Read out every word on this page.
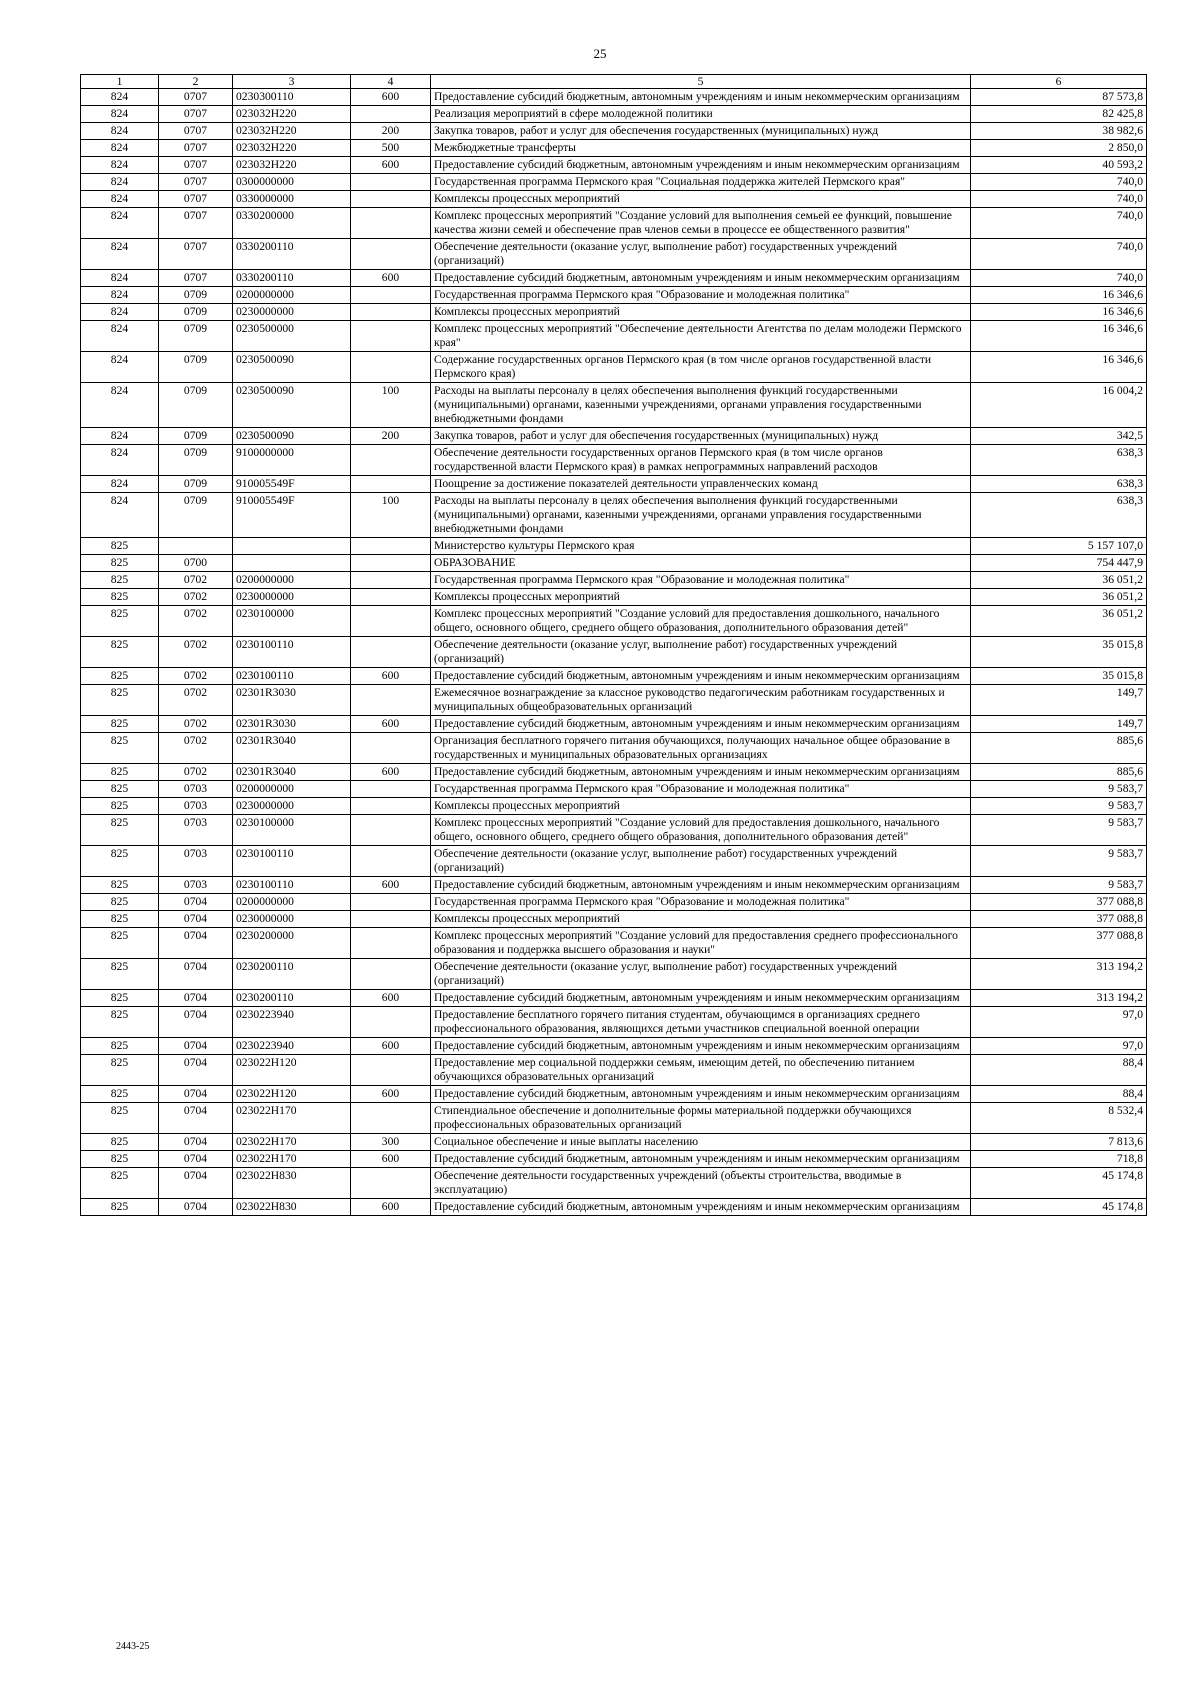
25
1	2	3	4	5	6
824	0707	0230300110	600	Предоставление субсидий бюджетным, автономным учреждениям и иным некоммерческим организациям	87 573,8
824	0707	023032Н220		Реализация мероприятий в сфере молодежной политики	82 425,8
824	0707	023032Н220	200	Закупка товаров, работ и услуг для обеспечения государственных (муниципальных) нужд	38 982,6
824	0707	023032Н220	500	Межбюджетные трансферты	2 850,0
824	0707	023032Н220	600	Предоставление субсидий бюджетным, автономным учреждениям и иным некоммерческим организациям	40 593,2
824	0707	0300000000		Государственная программа Пермского края "Социальная поддержка жителей Пермского края"	740,0
824	0707	0330000000		Комплексы процессных мероприятий	740,0
824	0707	0330200000		Комплекс процессных мероприятий "Создание условий для выполнения семьей ее функций, повышение качества жизни семей и обеспечение прав членов семьи в процессе ее общественного развития"	740,0
824	0707	0330200110		Обеспечение деятельности (оказание услуг, выполнение работ) государственных учреждений (организаций)	740,0
824	0707	0330200110	600	Предоставление субсидий бюджетным, автономным учреждениям и иным некоммерческим организациям	740,0
824	0709	0200000000		Государственная программа Пермского края "Образование и молодежная политика"	16 346,6
824	0709	0230000000		Комплексы процессных мероприятий	16 346,6
824	0709	0230500000		Комплекс процессных мероприятий "Обеспечение деятельности Агентства по делам молодежи Пермского края"	16 346,6
824	0709	0230500090		Содержание государственных органов Пермского края (в том числе органов государственной власти Пермского края)	16 346,6
824	0709	0230500090	100	Расходы на выплаты персоналу в целях обеспечения выполнения функций государственными (муниципальными) органами, казенными учреждениями, органами управления государственными внебюджетными фондами	16 004,2
824	0709	0230500090	200	Закупка товаров, работ и услуг для обеспечения государственных (муниципальных) нужд	342,5
824	0709	9100000000		Обеспечение деятельности государственных органов Пермского края (в том числе органов государственной власти Пермского края) в рамках непрограммных направлений расходов	638,3
824	0709	910005549F		Поощрение за достижение показателей деятельности управленческих команд	638,3
824	0709	910005549F	100	Расходы на выплаты персоналу в целях обеспечения выполнения функций государственными (муниципальными) органами, казенными учреждениями, органами управления государственными внебюджетными фондами	638,3
825				Министерство культуры Пермского края	5 157 107,0
825	0700			ОБРАЗОВАНИЕ	754 447,9
825	0702	0200000000		Государственная программа Пермского края "Образование и молодежная политика"	36 051,2
825	0702	0230000000		Комплексы процессных мероприятий	36 051,2
825	0702	0230100000		Комплекс процессных мероприятий "Создание условий для предоставления дошкольного, начального общего, основного общего, среднего общего образования, дополнительного образования детей"	36 051,2
825	0702	0230100110		Обеспечение деятельности (оказание услуг, выполнение работ) государственных учреждений (организаций)	35 015,8
825	0702	0230100110	600	Предоставление субсидий бюджетным, автономным учреждениям и иным некоммерческим организациям	35 015,8
825	0702	02301R3030		Ежемесячное вознаграждение за классное руководство педагогическим работникам государственных и муниципальных общеобразовательных организаций	149,7
825	0702	02301R3030	600	Предоставление субсидий бюджетным, автономным учреждениям и иным некоммерческим организациям	149,7
825	0702	02301R3040		Организация бесплатного горячего питания обучающихся, получающих начальное общее образование в государственных и муниципальных образовательных организациях	885,6
825	0702	02301R3040	600	Предоставление субсидий бюджетным, автономным учреждениям и иным некоммерческим организациям	885,6
825	0703	0200000000		Государственная программа Пермского края "Образование и молодежная политика"	9 583,7
825	0703	0230000000		Комплексы процессных мероприятий	9 583,7
825	0703	0230100000		Комплекс процессных мероприятий "Создание условий для предоставления дошкольного, начального общего, основного общего, среднего общего образования, дополнительного образования детей"	9 583,7
825	0703	0230100110		Обеспечение деятельности (оказание услуг, выполнение работ) государственных учреждений (организаций)	9 583,7
825	0703	0230100110	600	Предоставление субсидий бюджетным, автономным учреждениям и иным некоммерческим организациям	9 583,7
825	0704	0200000000		Государственная программа Пермского края "Образование и молодежная политика"	377 088,8
825	0704	0230000000		Комплексы процессных мероприятий	377 088,8
825	0704	0230200000		Комплекс процессных мероприятий "Создание условий для предоставления среднего профессионального образования и поддержка высшего образования и науки"	377 088,8
825	0704	0230200110		Обеспечение деятельности (оказание услуг, выполнение работ) государственных учреждений (организаций)	313 194,2
825	0704	0230200110	600	Предоставление субсидий бюджетным, автономным учреждениям и иным некоммерческим организациям	313 194,2
825	0704	0230223940		Предоставление бесплатного горячего питания студентам, обучающимся в организациях среднего профессионального образования, являющихся детьми участников специальной военной операции	97,0
825	0704	0230223940	600	Предоставление субсидий бюджетным, автономным учреждениям и иным некоммерческим организациям	97,0
825	0704	023022Н120		Предоставление мер социальной поддержки семьям, имеющим детей, по обеспечению питанием обучающихся образовательных организаций	88,4
825	0704	023022Н120	600	Предоставление субсидий бюджетным, автономным учреждениям и иным некоммерческим организациям	88,4
825	0704	023022Н170		Стипендиальное обеспечение и дополнительные формы материальной поддержки обучающихся профессиональных образовательных организаций	8 532,4
825	0704	023022Н170	300	Социальное обеспечение и иные выплаты населению	7 813,6
825	0704	023022Н170	600	Предоставление субсидий бюджетным, автономным учреждениям и иным некоммерческим организациям	718,8
825	0704	023022Н830		Обеспечение деятельности государственных учреждений (объекты строительства, вводимые в эксплуатацию)	45 174,8
825	0704	023022Н830	600	Предоставление субсидий бюджетным, автономным учреждениям и иным некоммерческим организациям	45 174,8
2443-25
